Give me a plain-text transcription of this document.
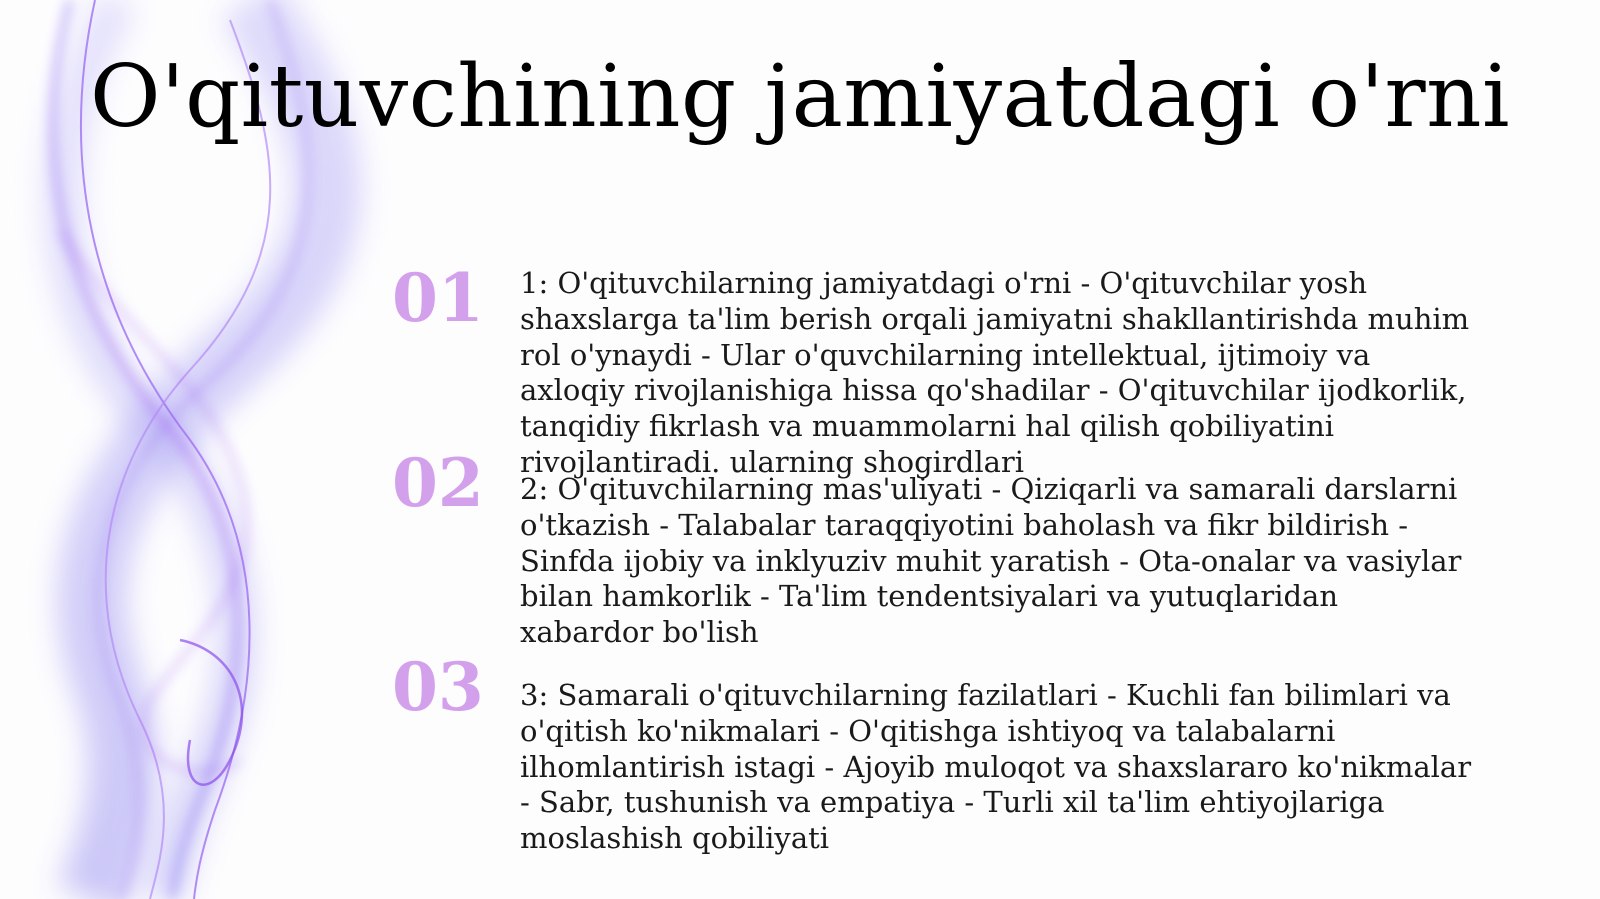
O'qituvchining jamiyatdagi o'rni
01 1: O'qituvchilarning jamiyatdagi o'rni - O'qituvchilar yosh shaxslarga ta'lim berish orqali jamiyatni shakllantirishda muhim rol o'ynaydi - Ular o'quvchilarning intellektual, ijtimoiy va axloqiy rivojlanishiga hissa qo'shadilar - O'qituvchilar ijodkorlik, tanqidiy fikrlash va muammolarni hal qilish qobiliyatini rivojlantiradi. ularning shogirdlari

02 2: O'qituvchilarning mas'uliyati - Qiziqarli va samarali darslarni o'tkazish - Talabalar taraqqiyotini baholash va fikr bildirish - Sinfda ijobiy va inklyuziv muhit yaratish - Ota-onalar va vasiylar bilan hamkorlik - Ta'lim tendentsiyalari va yutuqlaridan xabardor bo'lish

03 3: Samarali o'qituvchilarning fazilatlari - Kuchli fan bilimlari va o'qitish ko'nikmalari - O'qitishga ishtiyoq va talabalarni ilhomlantirish istagi - Ajoyib muloqot va shaxslararo ko'nikmalar - Sabr, tushunish va empatiya - Turli xil ta'lim ehtiyojlariga moslashish qobiliyati
